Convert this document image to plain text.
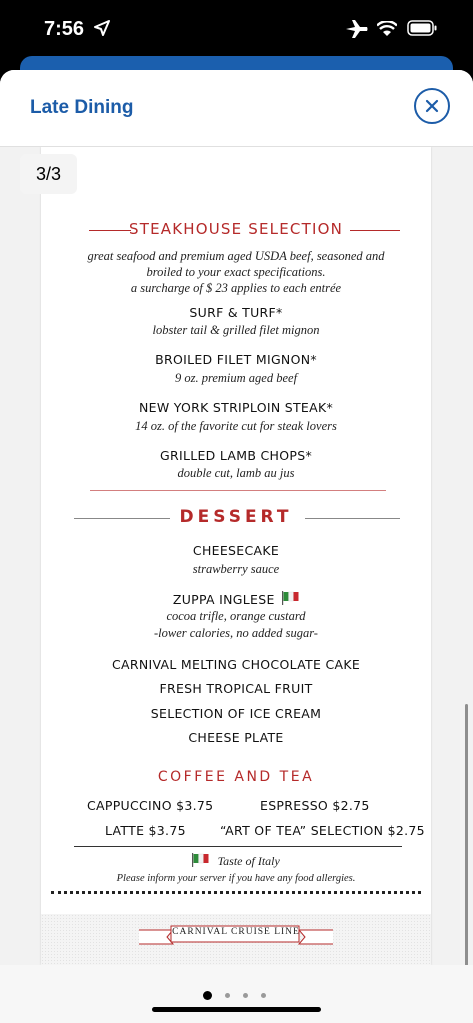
7:56
Late Dining
STEAKHOUSE SELECTION
great seafood and premium aged USDA beef, seasoned and
broiled to your exact specifications.
a surcharge of $ 23 applies to each entrée
SURF & TURF*
lobster tail & grilled filet mignon
BROILED FILET MIGNON*
9 oz. premium aged beef
NEW YORK STRIPLOIN STEAK*
14 oz. of the favorite cut for steak lovers
GRILLED LAMB CHOPS*
double cut, lamb au jus
DESSERT
CHEESECAKE
strawberry sauce
ZUPPA INGLESE
cocoa trifle, orange custard
-lower calories, no added sugar-
CARNIVAL MELTING CHOCOLATE CAKE
FRESH TROPICAL FRUIT
SELECTION OF ICE CREAM
CHEESE PLATE
COFFEE AND TEA
CAPPUCCINO $3.75	ESPRESSO $2.75
LATTE $3.75	“ART OF TEA” SELECTION $2.75
Taste of Italy
Please inform your server if you have any food allergies.
CARNIVAL CRUISE LINE
3/3
